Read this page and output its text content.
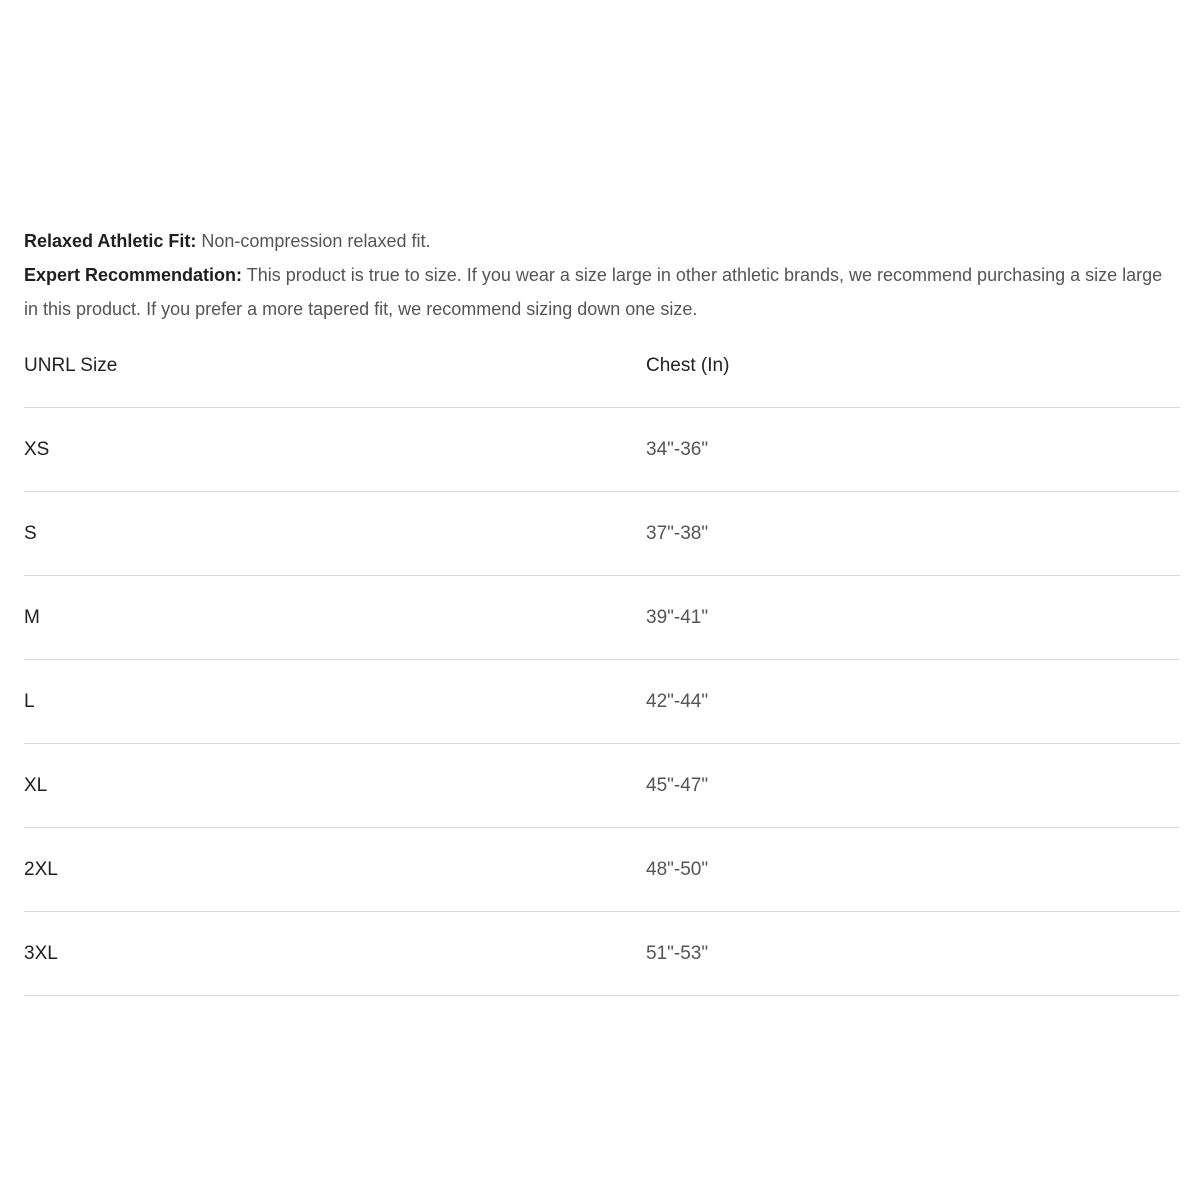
Relaxed Athletic Fit: Non-compression relaxed fit.

Expert Recommendation: This product is true to size. If you wear a size large in other athletic brands, we recommend purchasing a size large in this product. If you prefer a more tapered fit, we recommend sizing down one size.

UNRL Size	Chest (In)
XS	34"-36"
S	37"-38"
M	39"-41"
L	42"-44"
XL	45"-47"
2XL	48"-50"
3XL	51"-53"
